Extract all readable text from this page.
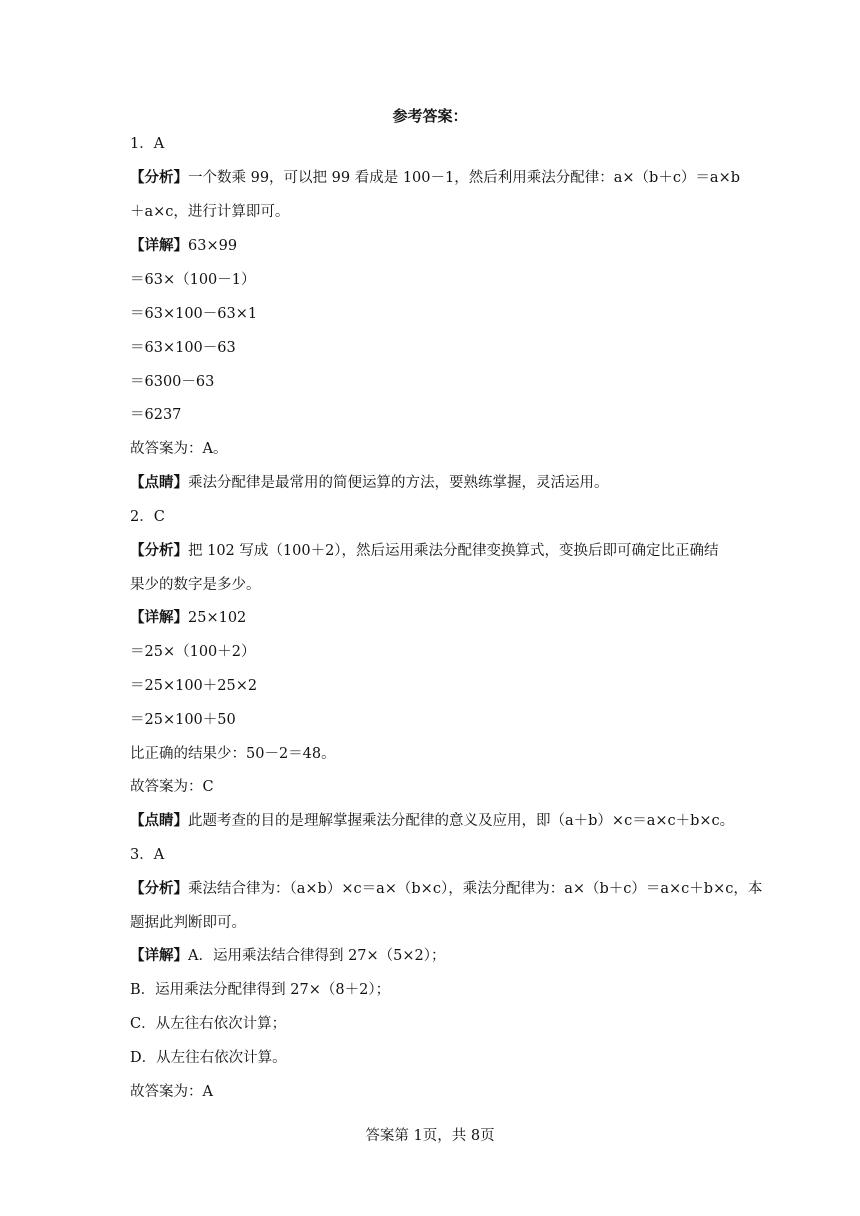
参考答案：
1．A
【分析】一个数乘 99，可以把 99 看成是 100－1，然后利用乘法分配律：a×（b＋c）＝a×b
＋a×c，进行计算即可。
【详解】63×99
＝63×（100－1）
＝63×100－63×1
＝63×100－63
＝6300－63
＝6237
故答案为：A。
【点睛】乘法分配律是最常用的简便运算的方法，要熟练掌握，灵活运用。
2．C
【分析】把 102 写成（100＋2），然后运用乘法分配律变换算式，变换后即可确定比正确结
果少的数字是多少。
【详解】25×102
＝25×（100＋2）
＝25×100＋25×2
＝25×100＋50
比正确的结果少：50－2＝48。
故答案为：C
【点睛】此题考查的目的是理解掌握乘法分配律的意义及应用，即（a＋b）×c＝a×c＋b×c。
3．A
【分析】乘法结合律为：（a×b）×c＝a×（b×c），乘法分配律为：a×（b＋c）＝a×c＋b×c，本
题据此判断即可。
【详解】A．运用乘法结合律得到 27×（5×2）；
B．运用乘法分配律得到 27×（8＋2）；
C．从左往右依次计算；
D．从左往右依次计算。
故答案为：A
答案第 1页，共 8页
